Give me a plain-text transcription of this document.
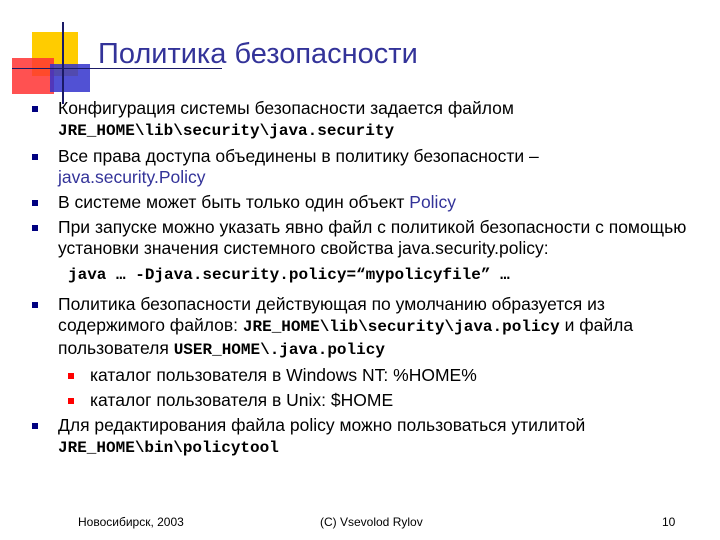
Политика безопасности
Конфигурация системы безопасности задается файлом
JRE_HOME\lib\security\java.security
Все права доступа объединены в политику безопасности –
java.security.Policy
В системе может быть только один объект Policy
При запуске можно указать явно файл с политикой безопасности с помощью установки значения системного свойства java.security.policy:
java … -Djava.security.policy=“mypolicyfile” …
Политика безопасности действующая по умолчанию образуется из содержимого файлов: JRE_HOME\lib\security\java.policy и файла пользователя USER_HOME\.java.policy
каталог пользователя в Windows NT: %HOME%
каталог пользователя в Unix: $HOME
Для редактирования файла policy можно пользоваться утилитой
JRE_HOME\bin\policytool
Новосибирск, 2003	(C) Vsevolod Rylov	10
